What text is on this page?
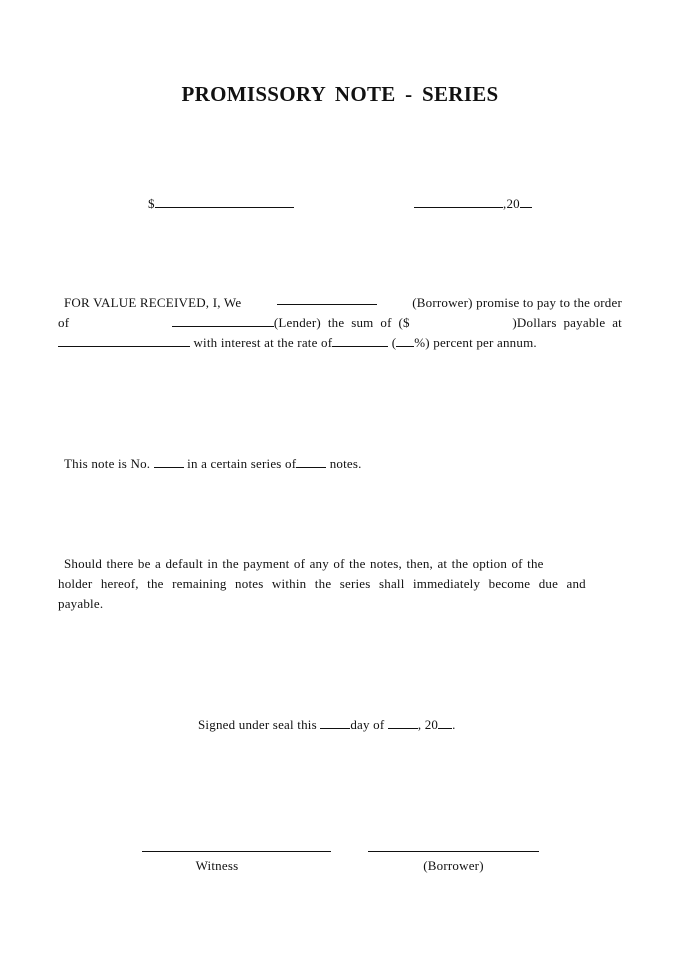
PROMISSORY NOTE - SERIES
$	,20
FOR VALUE RECEIVED, I, We	(Borrower) promise to pay to the order
of	(Lender)  the  sum  of  ($	)Dollars  payable  at
with interest at the rate of	( %) percent per annum.
This note is No.	in a certain series of	notes.
Should there be a default in the payment of any of the notes, then, at the option of the
holder hereof, the remaining notes within the series shall immediately become due and
payable.
Signed under seal this	day of	, 20 .
Witness	(Borrower)
